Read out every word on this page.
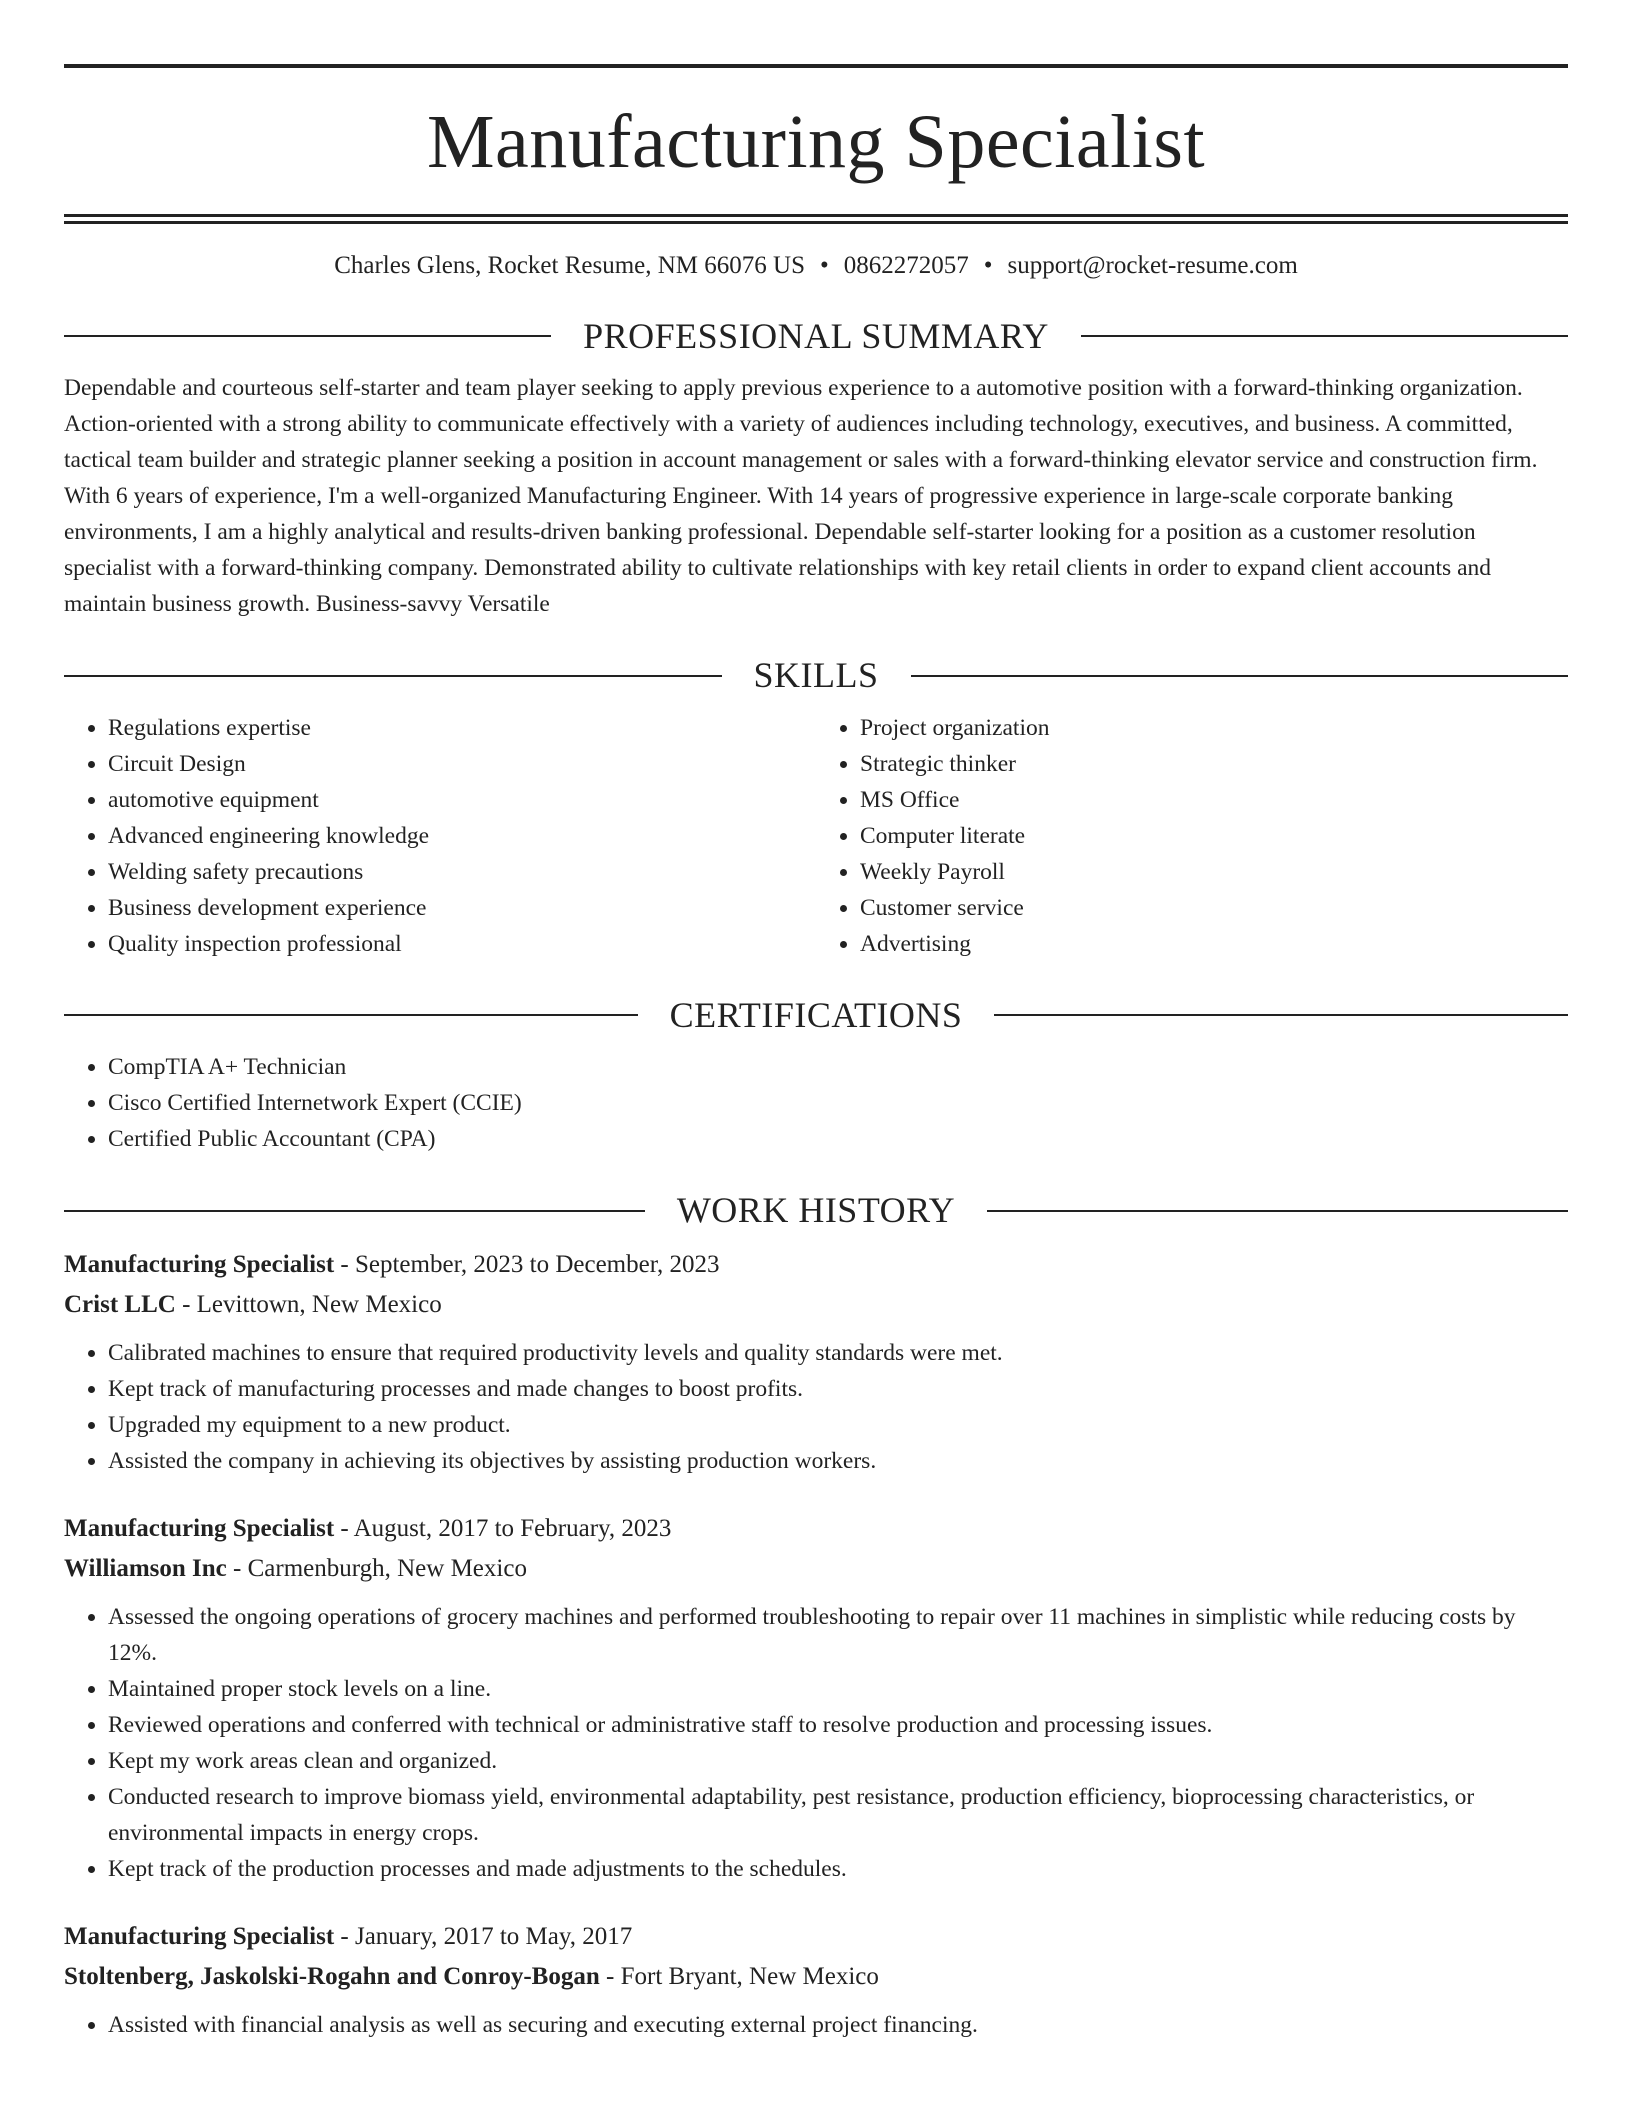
Manufacturing Specialist
Charles Glens, Rocket Resume, NM 66076 US • 0862272057 • support@rocket-resume.com
PROFESSIONAL SUMMARY
Dependable and courteous self-starter and team player seeking to apply previous experience to a automotive position with a forward-thinking organization. Action-oriented with a strong ability to communicate effectively with a variety of audiences including technology, executives, and business. A committed, tactical team builder and strategic planner seeking a position in account management or sales with a forward-thinking elevator service and construction firm. With 6 years of experience, I'm a well-organized Manufacturing Engineer. With 14 years of progressive experience in large-scale corporate banking environments, I am a highly analytical and results-driven banking professional. Dependable self-starter looking for a position as a customer resolution specialist with a forward-thinking company. Demonstrated ability to cultivate relationships with key retail clients in order to expand client accounts and maintain business growth. Business-savvy Versatile
SKILLS
• Regulations expertise
• Circuit Design
• automotive equipment
• Advanced engineering knowledge
• Welding safety precautions
• Business development experience
• Quality inspection professional
• Project organization
• Strategic thinker
• MS Office
• Computer literate
• Weekly Payroll
• Customer service
• Advertising
CERTIFICATIONS
• CompTIA A+ Technician
• Cisco Certified Internetwork Expert (CCIE)
• Certified Public Accountant (CPA)
WORK HISTORY
Manufacturing Specialist - September, 2023 to December, 2023
Crist LLC - Levittown, New Mexico
• Calibrated machines to ensure that required productivity levels and quality standards were met.
• Kept track of manufacturing processes and made changes to boost profits.
• Upgraded my equipment to a new product.
• Assisted the company in achieving its objectives by assisting production workers.
Manufacturing Specialist - August, 2017 to February, 2023
Williamson Inc - Carmenburgh, New Mexico
• Assessed the ongoing operations of grocery machines and performed troubleshooting to repair over 11 machines in simplistic while reducing costs by 12%.
• Maintained proper stock levels on a line.
• Reviewed operations and conferred with technical or administrative staff to resolve production and processing issues.
• Kept my work areas clean and organized.
• Conducted research to improve biomass yield, environmental adaptability, pest resistance, production efficiency, bioprocessing characteristics, or environmental impacts in energy crops.
• Kept track of the production processes and made adjustments to the schedules.
Manufacturing Specialist - January, 2017 to May, 2017
Stoltenberg, Jaskolski-Rogahn and Conroy-Bogan - Fort Bryant, New Mexico
• Assisted with financial analysis as well as securing and executing external project financing.
